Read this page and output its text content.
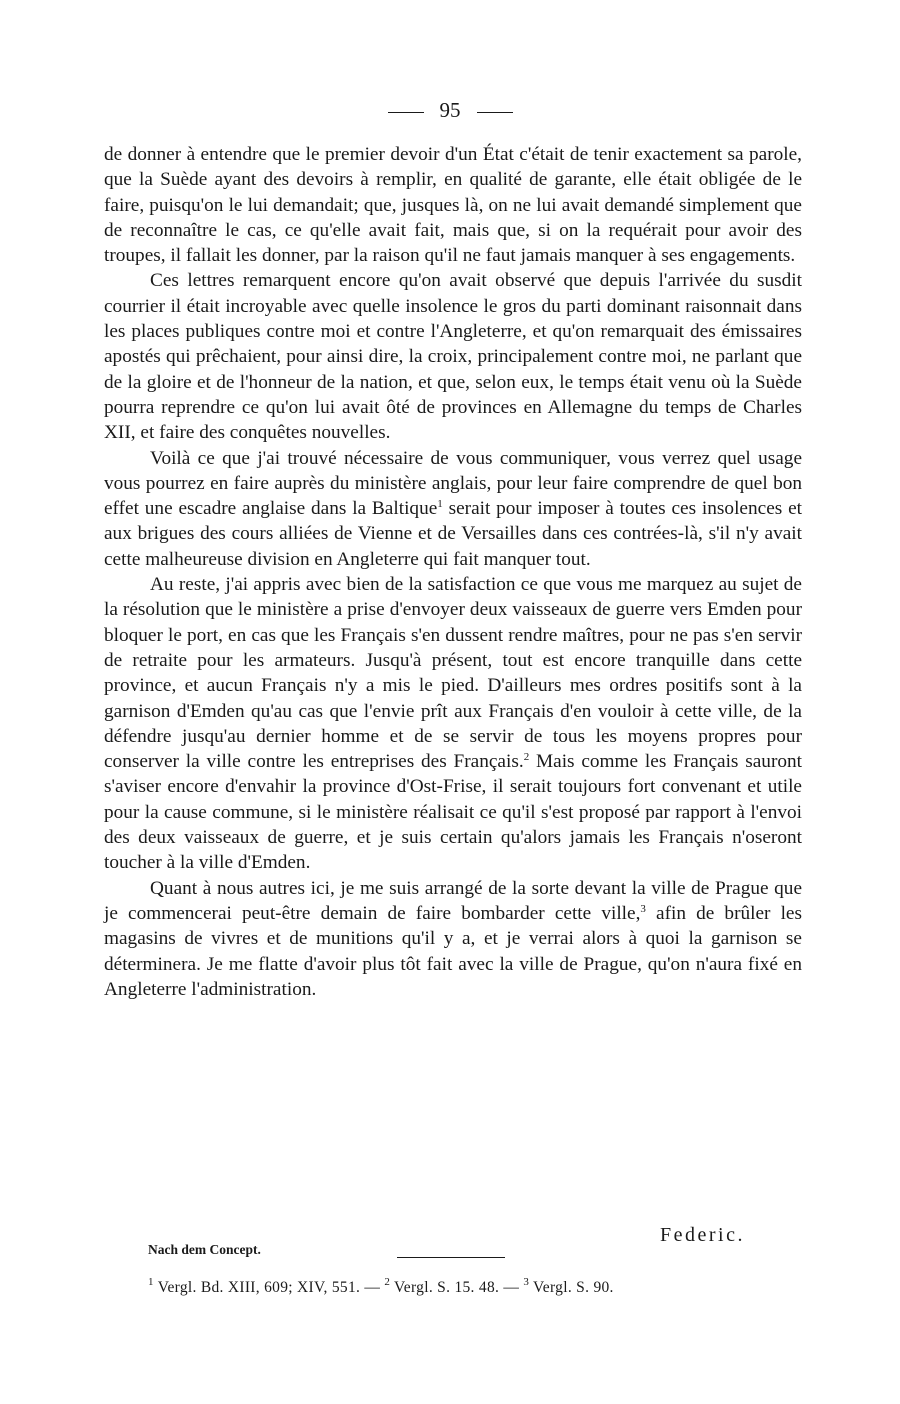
95

de donner à entendre que le premier devoir d'un État c'était de tenir exactement sa parole, que la Suède ayant des devoirs à remplir, en qualité de garante, elle était obligée de le faire, puisqu'on le lui demandait; que, jusques là, on ne lui avait demandé simplement que de reconnaître le cas, ce qu'elle avait fait, mais que, si on la requérait pour avoir des troupes, il fallait les donner, par la raison qu'il ne faut jamais manquer à ses engagements.

Ces lettres remarquent encore qu'on avait observé que depuis l'arrivée du susdit courrier il était incroyable avec quelle insolence le gros du parti dominant raisonnait dans les places publiques contre moi et contre l'Angleterre, et qu'on remarquait des émissaires apostés qui prêchaient, pour ainsi dire, la croix, principalement contre moi, ne parlant que de la gloire et de l'honneur de la nation, et que, selon eux, le temps était venu où la Suède pourra reprendre ce qu'on lui avait ôté de provinces en Allemagne du temps de Charles XII, et faire des conquêtes nouvelles.

Voilà ce que j'ai trouvé nécessaire de vous communiquer, vous verrez quel usage vous pourrez en faire auprès du ministère anglais, pour leur faire comprendre de quel bon effet une escadre anglaise dans la Baltique$^1$ serait pour imposer à toutes ces insolences et aux brigues des cours alliées de Vienne et de Versailles dans ces contrées-là, s'il n'y avait cette malheureuse division en Angleterre qui fait manquer tout.

Au reste, j'ai appris avec bien de la satisfaction ce que vous me marquez au sujet de la résolution que le ministère a prise d'envoyer deux vaisseaux de guerre vers Emden pour bloquer le port, en cas que les Français s'en dussent rendre maîtres, pour ne pas s'en servir de retraite pour les armateurs. Jusqu'à présent, tout est encore tranquille dans cette province, et aucun Français n'y a mis le pied. D'ailleurs mes ordres positifs sont à la garnison d'Emden qu'au cas que l'envie prît aux Français d'en vouloir à cette ville, de la défendre jusqu'au dernier homme et de se servir de tous les moyens propres pour conserver la ville contre les entreprises des Français.$^2$ Mais comme les Français sauront s'aviser encore d'envahir la province d'Ost-Frise, il serait toujours fort convenant et utile pour la cause commune, si le ministère réalisait ce qu'il s'est proposé par rapport à l'envoi des deux vaisseaux de guerre, et je suis certain qu'alors jamais les Français n'oseront toucher à la ville d'Emden.

Quant à nous autres ici, je me suis arrangé de la sorte devant la ville de Prague que je commencerai peut-être demain de faire bombarder cette ville,$^3$ afin de brûler les magasins de vivres et de munitions qu'il y a, et je verrai alors à quoi la garnison se déterminera. Je me flatte d'avoir plus tôt fait avec la ville de Prague, qu'on n'aura fixé en Angleterre l'administration.

Federic.
Nach dem Concept.
$^1$ Vergl. Bd. XIII, 609; XIV, 551. — $^2$ Vergl. S. 15. 48. — $^3$ Vergl. S. 90.
